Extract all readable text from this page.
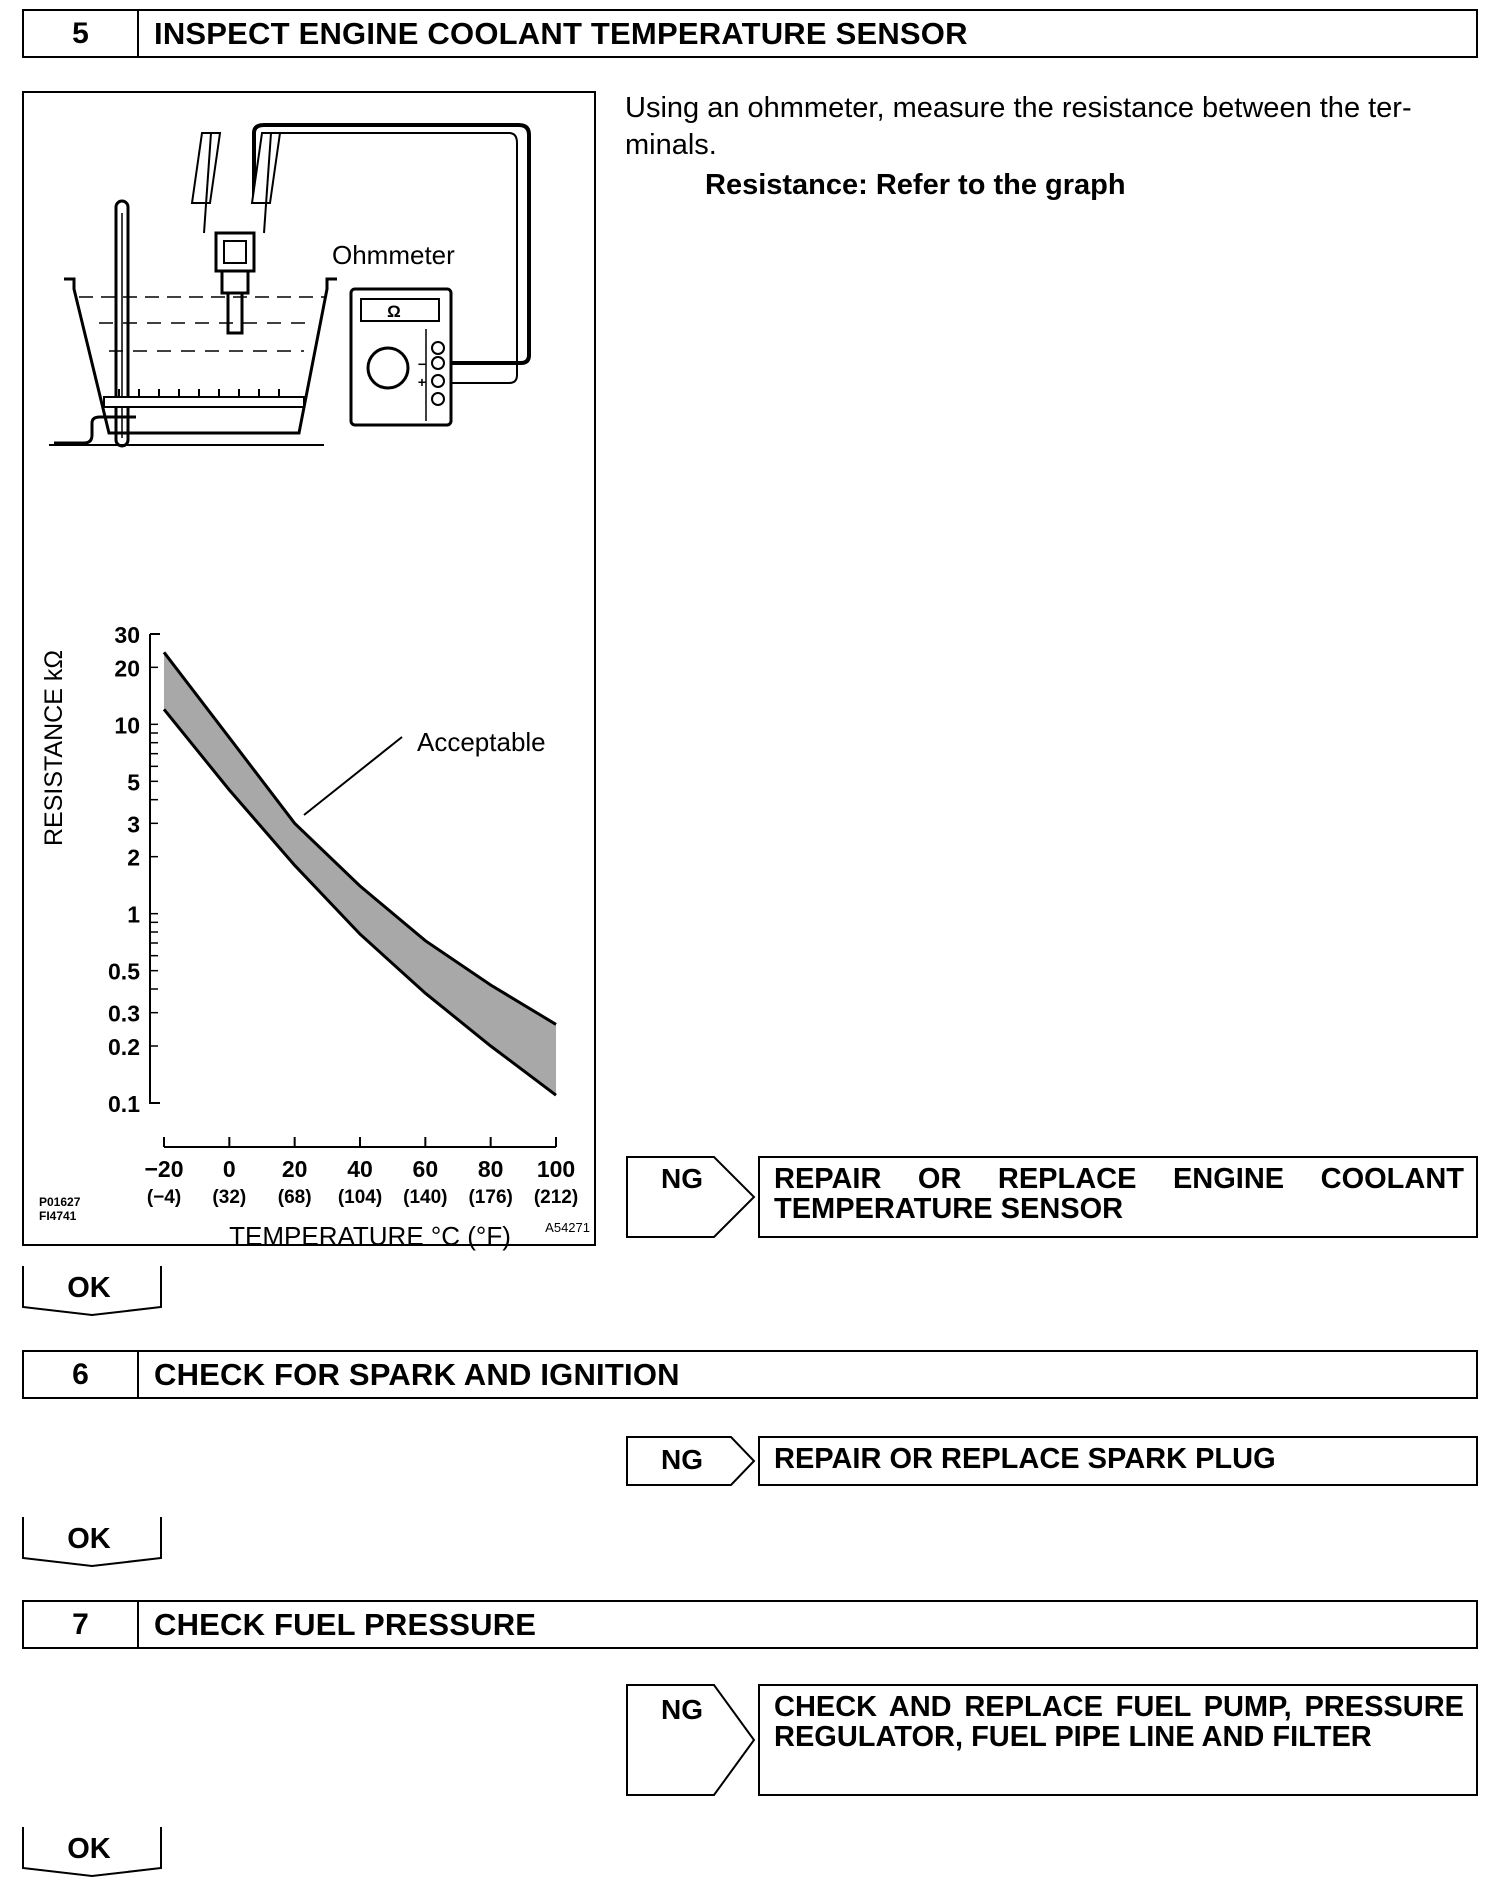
5	INSPECT ENGINE COOLANT TEMPERATURE SENSOR
Ω
−
+
Ohmmeter
0.1
0.2
0.3
0.5
1
2
3
5
10
20
30
−20
(−4)
0
(32)
20
(68)
40
(104)
60
(140)
80
(176)
100
(212)
RESISTANCE kΩ
TEMPERATURE °C (°F)
Acceptable
P01627
FI4741
A54271
Using an ohmmeter, measure the resistance between the ter-minals.
Resistance: Refer to the graph
NG	REPAIR OR REPLACE ENGINE COOLANT TEMPERATURE SENSOR
OK
6	CHECK FOR SPARK AND IGNITION
NG	REPAIR OR REPLACE SPARK PLUG
OK
7	CHECK FUEL PRESSURE
NG	CHECK AND REPLACE FUEL PUMP, PRESSURE REGULATOR, FUEL PIPE LINE AND FILTER
OK
